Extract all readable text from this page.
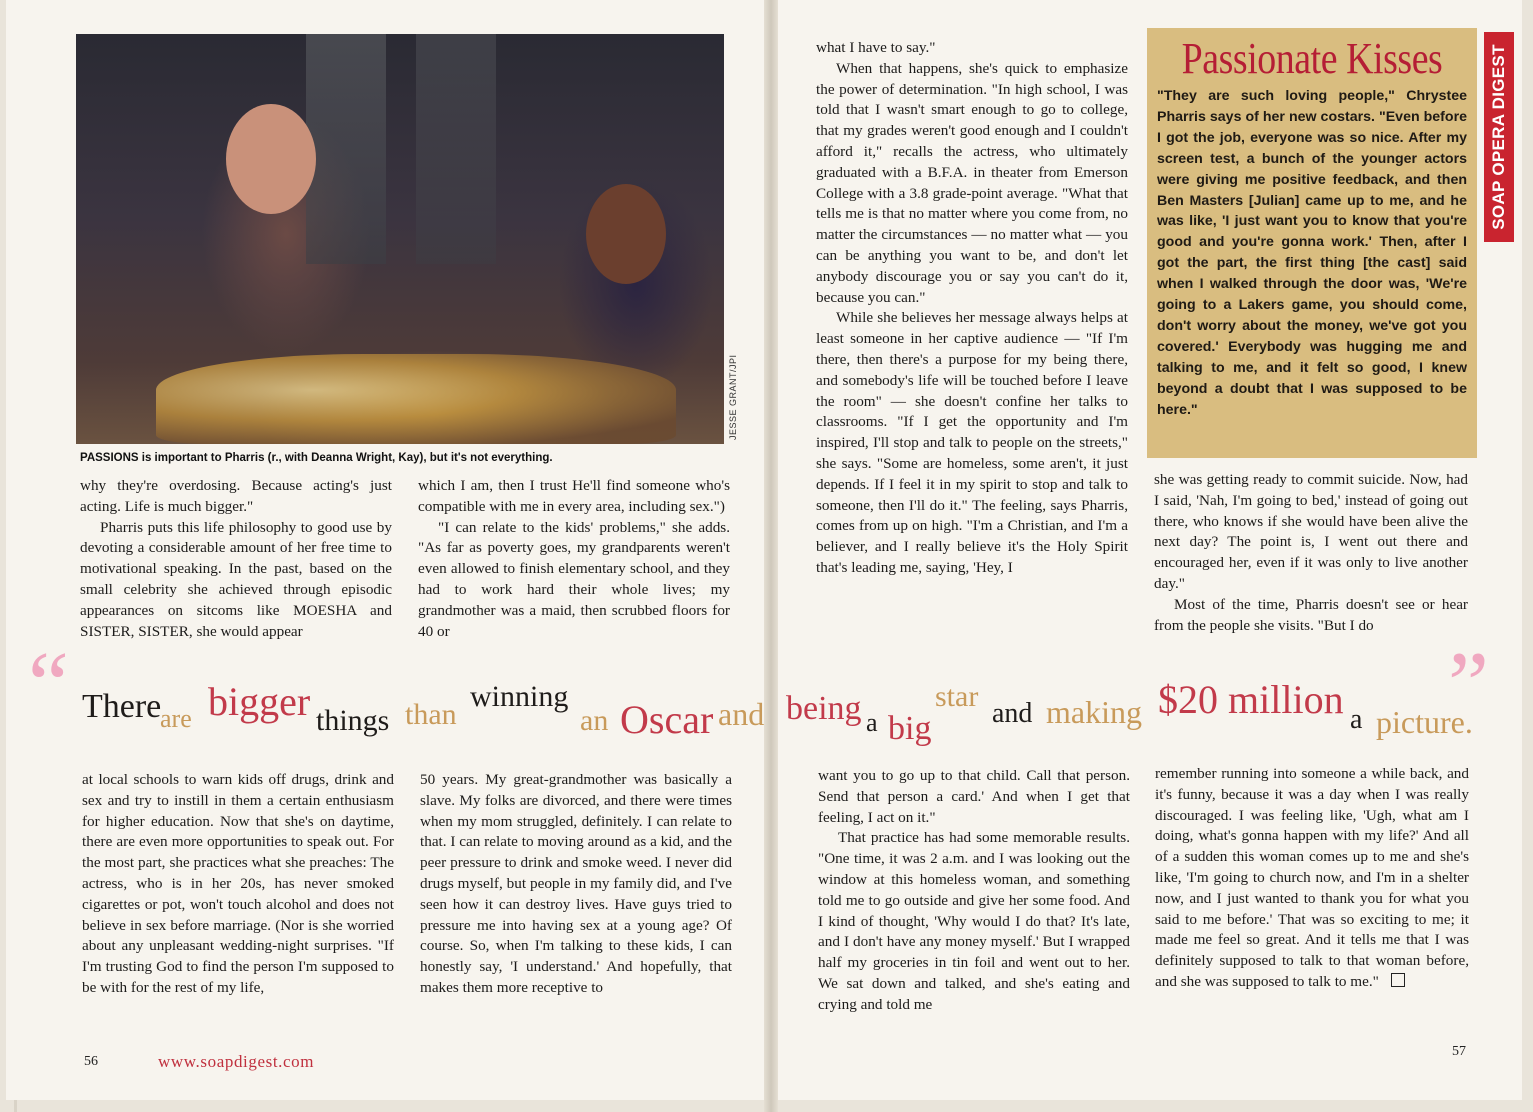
JESSE GRANT/JPI
PASSIONS is important to Pharris (r., with Deanna Wright, Kay), but it's not everything.

why they're overdosing. Because acting's just acting. Life is much bigger."

Pharris puts this life philosophy to good use by devoting a considerable amount of her free time to motivational speaking. In the past, based on the small celebrity she achieved through episodic appearances on sitcoms like MOESHA and SISTER, SISTER, she would appear

which I am, then I trust He'll find someone who's compatible with me in every area, including sex.")

"I can relate to the kids' problems," she adds. "As far as poverty goes, my grandparents weren't even allowed to finish elementary school, and they had to work hard their whole lives; my grandmother was a maid, then scrubbed floors for 40 or

at local schools to warn kids off drugs, drink and sex and try to instill in them a certain enthusiasm for higher education. Now that she's on daytime, there are even more opportunities to speak out. For the most part, she practices what she preaches: The actress, who is in her 20s, has never smoked cigarettes or pot, won't touch alcohol and does not believe in sex before marriage. (Nor is she worried about any unpleasant wedding-night surprises. "If I'm trusting God to find the person I'm supposed to be with for the rest of my life,

50 years. My great-grandmother was basically a slave. My folks are divorced, and there were times when my mom struggled, definitely. I can relate to that. I can relate to moving around as a kid, and the peer pressure to drink and smoke weed. I never did drugs myself, but people in my family did, and I've seen how it can destroy lives. Have guys tried to pressure me into having sex at a young age? Of course. So, when I'm talking to these kids, I can honestly say, 'I understand.' And hopefully, that makes them more receptive to

what I have to say."

When that happens, she's quick to emphasize the power of determination. "In high school, I was told that I wasn't smart enough to go to college, that my grades weren't good enough and I couldn't afford it," recalls the actress, who ultimately graduated with a B.F.A. in theater from Emerson College with a 3.8 grade-point average. "What that tells me is that no matter where you come from, no matter the circumstances — no matter what — you can be anything you want to be, and don't let anybody discourage you or say you can't do it, because you can."

While she believes her message always helps at least someone in her captive audience — "If I'm there, then there's a purpose for my being there, and somebody's life will be touched before I leave the room" — she doesn't confine her talks to classrooms. "If I get the opportunity and I'm inspired, I'll stop and talk to people on the streets," she says. "Some are homeless, some aren't, it just depends. If I feel it in my spirit to stop and talk to someone, then I'll do it." The feeling, says Pharris, comes from up on high. "I'm a Christian, and I'm a believer, and I really believe it's the Holy Spirit that's leading me, saying, 'Hey, I

she was getting ready to commit suicide. Now, had I said, 'Nah, I'm going to bed,' instead of going out there, who knows if she would have been alive the next day? The point is, I went out there and encouraged her, even if it was only to live another day."

Most of the time, Pharris doesn't see or hear from the people she visits. "But I do

Passionate Kisses
"They are such loving people," Chrystee Pharris says of her new costars. "Even before I got the job, everyone was so nice. After my screen test, a bunch of the younger actors were giving me positive feedback, and then Ben Masters [Julian] came up to me, and he was like, 'I just want you to know that you're good and you're gonna work.' Then, after I got the part, the first thing [the cast] said when I walked through the door was, 'We're going to a Lakers game, you should come, don't worry about the money, we've got you covered.' Everybody was hugging me and talking to me, and it felt so good, I knew beyond a doubt that I was supposed to be here."
SOAP OPERA DIGEST
“	”
There
are bigger things than
winning
an Oscar and being a big
star
and making $20 million a picture.

want you to go up to that child. Call that person. Send that person a card.' And when I get that feeling, I act on it."

That practice has had some memorable results. "One time, it was 2 a.m. and I was looking out the window at this homeless woman, and something told me to go outside and give her some food. And I kind of thought, 'Why would I do that? It's late, and I don't have any money myself.' But I wrapped half my groceries in tin foil and went out to her. We sat down and talked, and she's eating and crying and told me

remember running into someone a while back, and it's funny, because it was a day when I was really discouraged. I was feeling like, 'Ugh, what am I doing, what's gonna happen with my life?' And all of a sudden this woman comes up to me and she's like, 'I'm going to church now, and I'm in a shelter now, and I just wanted to thank you for what you said to me before.' That was so exciting to me; it made me feel so great. And it tells me that I was definitely supposed to talk to that woman before, and she was supposed to talk to me."

56	www.soapdigest.com
57
